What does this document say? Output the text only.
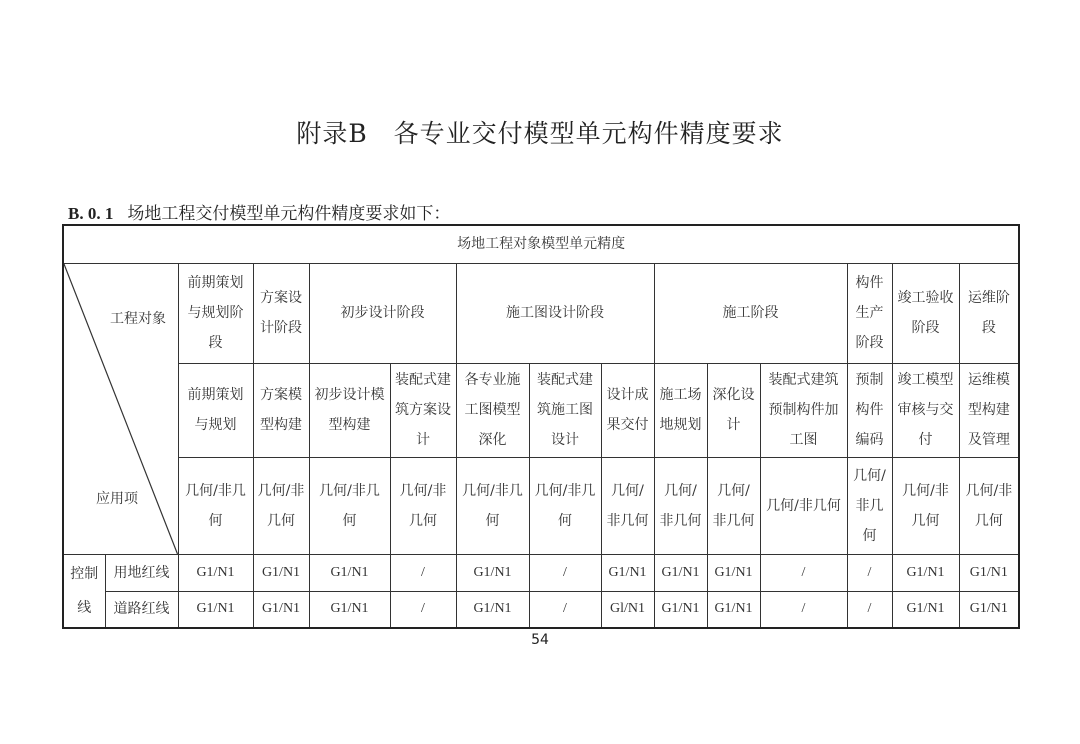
附录B　各专业交付模型单元构件精度要求
B. 0. 1 场地工程交付模型单元构件精度要求如下：
场地工程对象模型单元精度														

工程对象
应用项		前期策划与规划阶段	方案设计阶段	初步设计阶段		施工图设计阶段			施工阶段			构件生产阶段	竣工验收阶段	运维阶段
		前期策划与规划	方案模型构建	初步设计模型构建	装配式建筑方案设计	各专业施工图模型深化	装配式建筑施工图设计	设计成果交付	施工场地规划	深化设计	装配式建筑预制构件加工图	预制构件编码	竣工模型审核与交付	运维模型构建及管理
		几何/非几何	几何/非几何	几何/非几何	几何/非几何	几何/非几何	几何/非几何	几何/非几何	几何/非几何	几何/非几何	几何/非几何	几何/非几何	几何/非几何	几何/非几何
控制线	用地红线	G1/N1	G1/N1	G1/N1	/	G1/N1	/	G1/N1	G1/N1	G1/N1	/	/	G1/N1	G1/N1
	道路红线	G1/N1	G1/N1	G1/N1	/	G1/N1	/	Gl/N1	G1/N1	G1/N1	/	/	G1/N1	G1/N1
54
